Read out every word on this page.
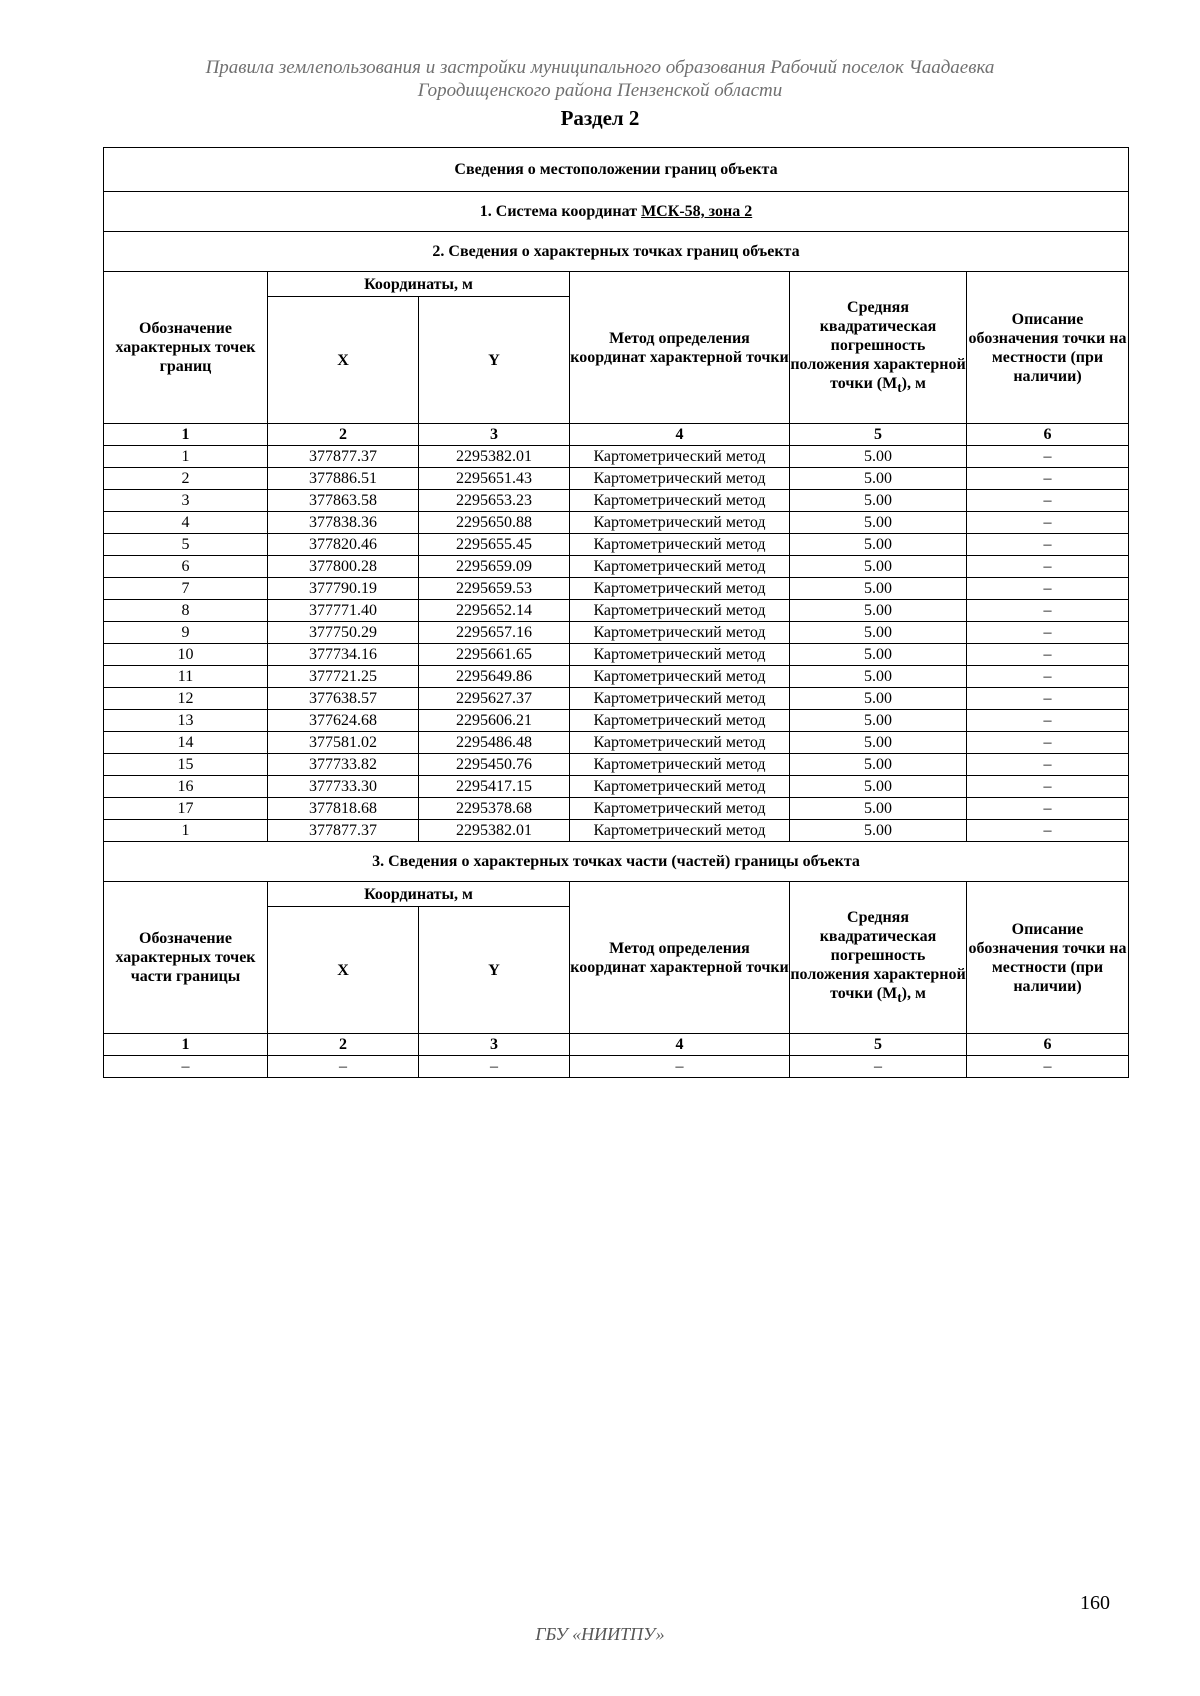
Правила землепользования и застройки муниципального образования Рабочий поселок Чаадаевка
Городищенского района Пензенской области
Раздел 2
Сведения о местоположении границ объекта					
1. Система координат МСК-58, зона 2					
2. Сведения о характерных точках границ объекта					
Обозначение характерных точек границ	Координаты, м		Метод определения координат характерной точки	Средняя квадратическая погрешность положения характерной точки $(M_t)$, м	Описание обозначения точки на местности (при наличии)
	X	Y			
1	2	3	4	5	6
1	377877.37	2295382.01	Картометрический метод	5.00	–
2	377886.51	2295651.43	Картометрический метод	5.00	–
3	377863.58	2295653.23	Картометрический метод	5.00	–
4	377838.36	2295650.88	Картометрический метод	5.00	–
5	377820.46	2295655.45	Картометрический метод	5.00	–
6	377800.28	2295659.09	Картометрический метод	5.00	–
7	377790.19	2295659.53	Картометрический метод	5.00	–
8	377771.40	2295652.14	Картометрический метод	5.00	–
9	377750.29	2295657.16	Картометрический метод	5.00	–
10	377734.16	2295661.65	Картометрический метод	5.00	–
11	377721.25	2295649.86	Картометрический метод	5.00	–
12	377638.57	2295627.37	Картометрический метод	5.00	–
13	377624.68	2295606.21	Картометрический метод	5.00	–
14	377581.02	2295486.48	Картометрический метод	5.00	–
15	377733.82	2295450.76	Картометрический метод	5.00	–
16	377733.30	2295417.15	Картометрический метод	5.00	–
17	377818.68	2295378.68	Картометрический метод	5.00	–
1	377877.37	2295382.01	Картометрический метод	5.00	–
3. Сведения о характерных точках части (частей) границы объекта					
Обозначение характерных точек части границы	Координаты, м		Метод определения координат характерной точки	Средняя квадратическая погрешность положения характерной точки $(M_t)$, м	Описание обозначения точки на местности (при наличии)
	X	Y			
1	2	3	4	5	6
–	–	–	–	–	–
160
ГБУ «НИИТПУ»
